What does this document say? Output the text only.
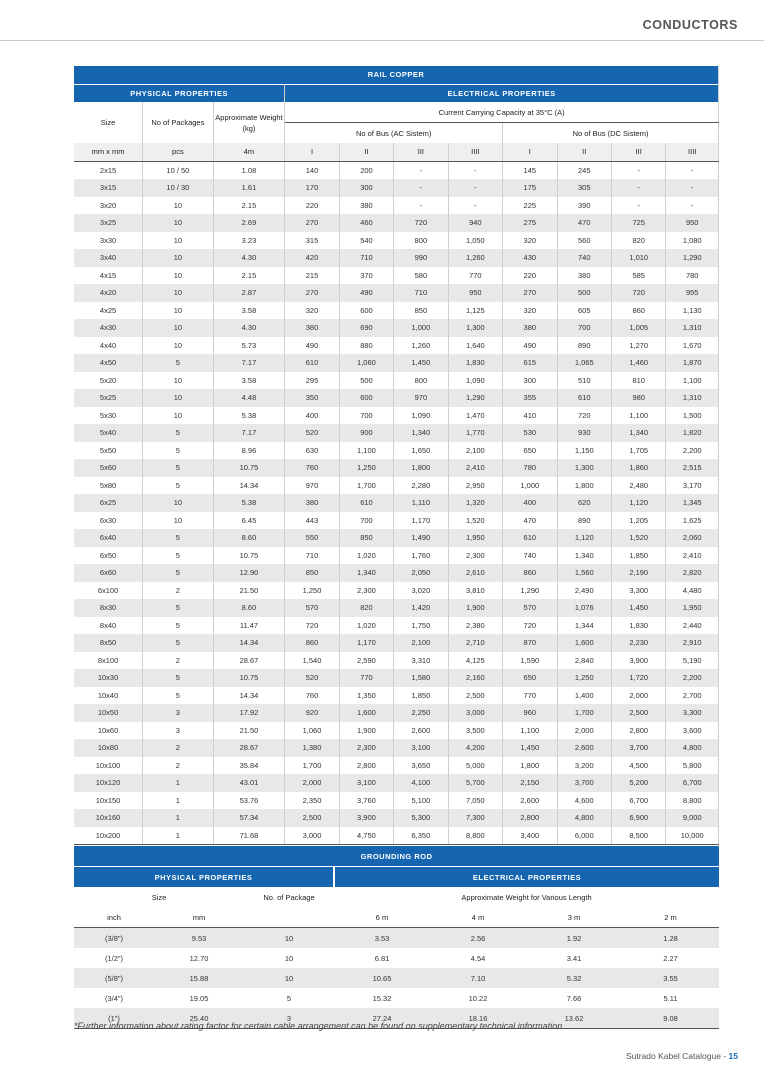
CONDUCTORS
RAIL COPPER										
PHYSICAL PROPERTIES			ELECTRICAL PROPERTIES							
Size	No of Packages	Approximate Weight (kg)	Current Carrying Capacity at 35°C (A)							
			No of Bus (AC Sistem)				No of Bus (DC Sistem)			
mm x mm	pcs	4m	I	II	III	IIII	I	II	III	IIII
2x15	10 / 50	1.08	140	200	-	-	145	245	-	-
3x15	10 / 30	1.61	170	300	-	-	175	305	-	-
3x20	10	2.15	220	380	-	-	225	390	-	-
3x25	10	2.69	270	460	720	940	275	470	725	950
3x30	10	3.23	315	540	800	1,050	320	560	820	1,080
3x40	10	4.30	420	710	990	1,260	430	740	1,010	1,290
4x15	10	2.15	215	370	580	770	220	380	585	780
4x20	10	2.87	270	490	710	950	270	500	720	955
4x25	10	3.58	320	600	850	1,125	320	605	860	1,130
4x30	10	4.30	380	690	1,000	1,300	380	700	1,005	1,310
4x40	10	5.73	490	880	1,260	1,640	490	890	1,270	1,670
4x50	5	7.17	610	1,060	1,450	1,830	615	1,065	1,460	1,870
5x20	10	3.58	295	500	800	1,090	300	510	810	1,100
5x25	10	4.48	350	600	970	1,290	355	610	980	1,310
5x30	10	5.38	400	700	1,090	1,470	410	720	1,100	1,500
5x40	5	7.17	520	900	1,340	1,770	530	930	1,340	1,820
5x50	5	8.96	630	1,100	1,650	2,100	650	1,150	1,705	2,200
5x60	5	10.75	760	1,250	1,800	2,410	780	1,300	1,860	2,515
5x80	5	14.34	970	1,700	2,280	2,950	1,000	1,800	2,480	3,170
6x25	10	5.38	380	610	1,110	1,320	400	620	1,120	1,345
6x30	10	6.45	443	700	1,170	1,520	470	890	1,205	1,625
6x40	5	8.60	550	850	1,490	1,950	610	1,120	1,520	2,060
6x50	5	10.75	710	1,020	1,760	2,300	740	1,340	1,850	2,410
6x60	5	12.90	850	1,340	2,050	2,610	860	1,560	2,190	2,820
6x100	2	21.50	1,250	2,300	3,020	3,810	1,290	2,490	3,300	4,480
8x30	5	8.60	570	820	1,420	1,900	570	1,076	1,450	1,950
8x40	5	11.47	720	1,020	1,750	2,380	720	1,344	1,830	2,440
8x50	5	14.34	860	1,170	2,100	2,710	870	1,600	2,230	2,910
8x100	2	28.67	1,540	2,590	3,310	4,125	1,590	2,840	3,900	5,190
10x30	5	10.75	520	770	1,580	2,160	650	1,250	1,720	2,200
10x40	5	14.34	760	1,350	1,850	2,500	770	1,400	2,000	2,700
10x50	3	17.92	920	1,600	2,250	3,000	960	1,700	2,500	3,300
10x60	3	21.50	1,060	1,900	2,600	3,500	1,100	2,000	2,800	3,600
10x80	2	28.67	1,380	2,300	3,100	4,200	1,450	2,600	3,700	4,800
10x100	2	35.84	1,700	2,800	3,650	5,000	1,800	3,200	4,500	5,800
10x120	1	43.01	2,000	3,100	4,100	5,700	2,150	3,700	5,200	6,700
10x150	1	53.76	2,350	3,760	5,100	7,050	2,600	4,600	6,700	8,800
10x160	1	57.34	2,500	3,900	5,300	7,300	2,800	4,800	6,900	9,000
10x200	1	71.68	3,000	4,750	6,350	8,800	3,400	6,000	8,500	10,000
GROUNDING ROD						
PHYSICAL PROPERTIES			ELECTRICAL PROPERTIES			
Size		No. of Package	Approximate Weight for Various Length			
inch	mm		6 m	4 m	3 m	2 m
(3/8")	9.53	10	3.53	2.56	1.92	1.28
(1/2")	12.70	10	6.81	4.54	3.41	2.27
(5/8")	15.88	10	10.65	7.10	5.32	3.55
(3/4")	19.05	5	15.32	10.22	7.66	5.11
(1")	25.40	3	27.24	18.16	13.62	9.08
*Further information about rating factor for certain cable arrangement can be found on supplementary technical information
Sutrado Kabel Catalogue - 15
